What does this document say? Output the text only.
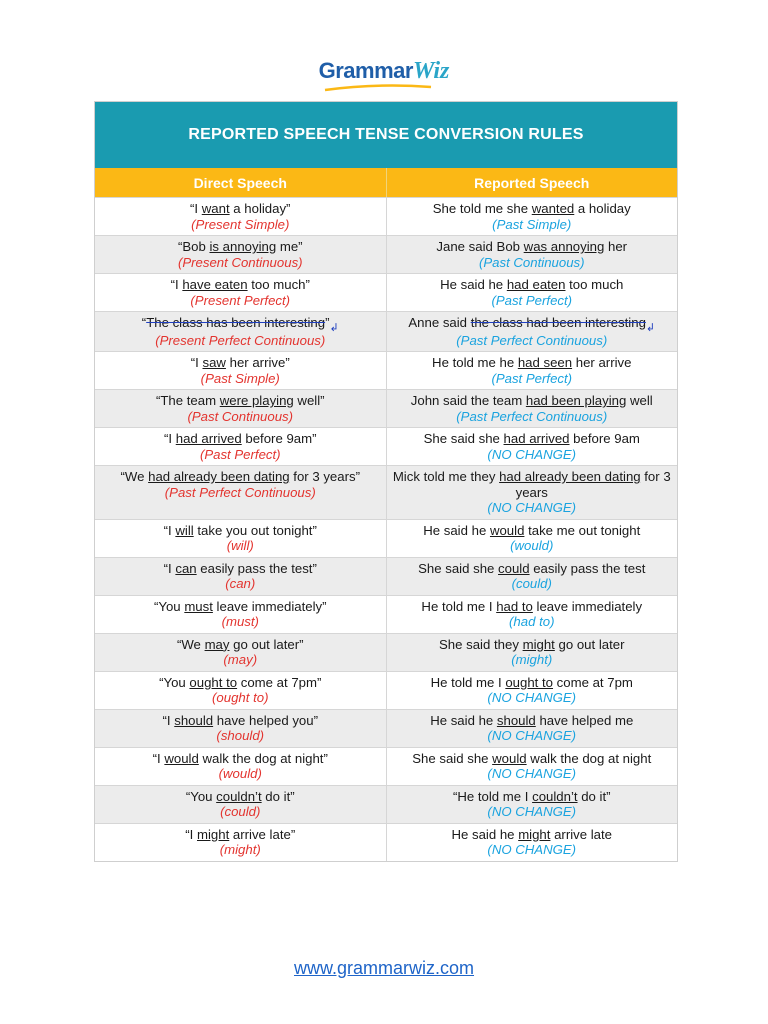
GrammarWiz
REPORTED SPEECH TENSE CONVERSION RULES
Direct Speech	Reported Speech
“I want a holiday”
(Present Simple)
She told me she wanted a holiday
(Past Simple)
“Bob is annoying me”
(Present Continuous)
Jane said Bob was annoying her
(Past Continuous)
“I have eaten too much”
(Present Perfect)
He said he had eaten too much
(Past Perfect)
“The class has been $interesting”_↲$
(Present Perfect Continuous)
Anne said the class had been interesting$_↲$
(Past Perfect Continuous)
“I saw her arrive”
(Past Simple)
He told me he had seen her arrive
(Past Perfect)
“The team were playing well”
(Past Continuous)
John said the team had been playing well
(Past Perfect Continuous)
“I had arrived before 9am”
(Past Perfect)
She said she had arrived before 9am
(NO CHANGE)
“We had already been dating for 3 years”
(Past Perfect Continuous)
Mick told me they had already been dating for 3 years
(NO CHANGE)
“I will take you out tonight”
(will)
He said he would take me out tonight
(would)
“I can easily pass the test”
(can)
She said she could easily pass the test
(could)
“You must leave immediately”
(must)
He told me I had to leave immediately
(had to)
“We may go out later”
(may)
She said they might go out later
(might)
“You ought to come at 7pm”
(ought to)
He told me I ought to come at 7pm
(NO CHANGE)
“I should have helped you”
(should)
He said he should have helped me
(NO CHANGE)
“I would walk the dog at night”
(would)
She said she would walk the dog at night
(NO CHANGE)
“You couldn’t do it”
(could)
“He told me I couldn’t do it”
(NO CHANGE)
“I might arrive late”
(might)
He said he might arrive late
(NO CHANGE)
www.grammarwiz.com
